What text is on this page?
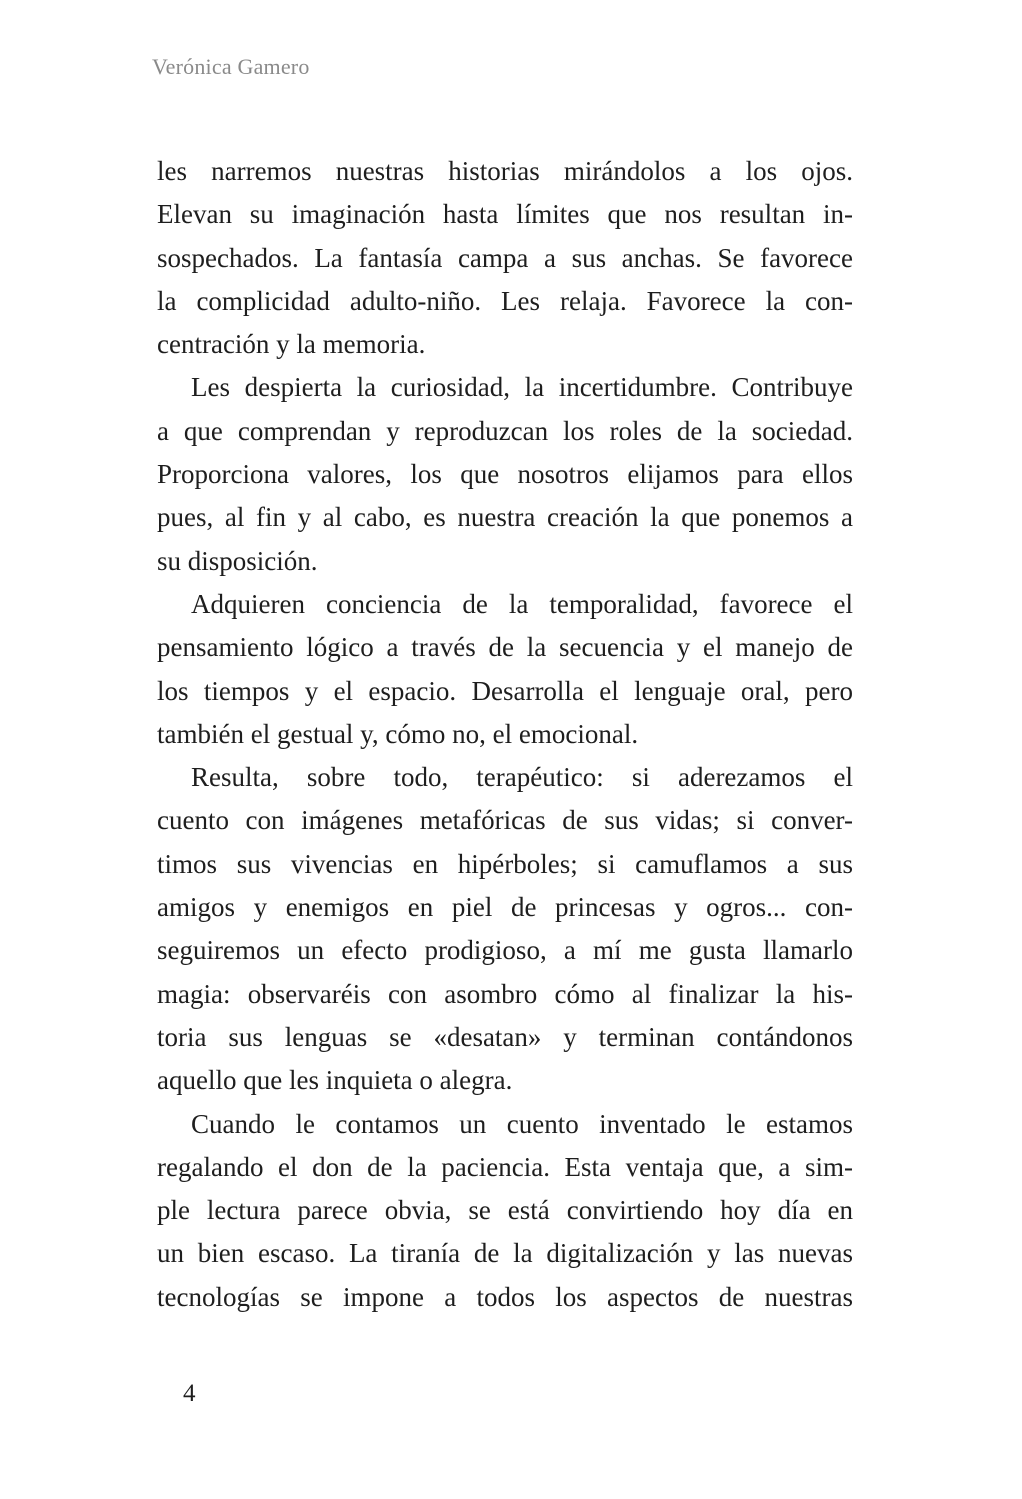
Verónica Gamero
les narremos nuestras historias mirándolos a los ojos.
Elevan su imaginación hasta límites que nos resultan in-
sospechados. La fantasía campa a sus anchas. Se favorece
la complicidad adulto-niño. Les relaja. Favorece la con-
centración y la memoria.
Les despierta la curiosidad, la incertidumbre. Contribuye
a que comprendan y reproduzcan los roles de la sociedad.
Proporciona valores, los que nosotros elijamos para ellos
pues, al fin y al cabo, es nuestra creación la que ponemos a
su disposición.
Adquieren conciencia de la temporalidad, favorece el
pensamiento lógico a través de la secuencia y el manejo de
los tiempos y el espacio. Desarrolla el lenguaje oral, pero
también el gestual y, cómo no, el emocional.
Resulta, sobre todo, terapéutico: si aderezamos el
cuento con imágenes metafóricas de sus vidas; si conver-
timos sus vivencias en hipérboles; si camuflamos a sus
amigos y enemigos en piel de princesas y ogros... con-
seguiremos un efecto prodigioso, a mí me gusta llamarlo
magia: observaréis con asombro cómo al finalizar la his-
toria sus lenguas se «desatan» y terminan contándonos
aquello que les inquieta o alegra.
Cuando le contamos un cuento inventado le estamos
regalando el don de la paciencia. Esta ventaja que, a sim-
ple lectura parece obvia, se está convirtiendo hoy día en
un bien escaso. La tiranía de la digitalización y las nuevas
tecnologías se impone a todos los aspectos de nuestras
4
